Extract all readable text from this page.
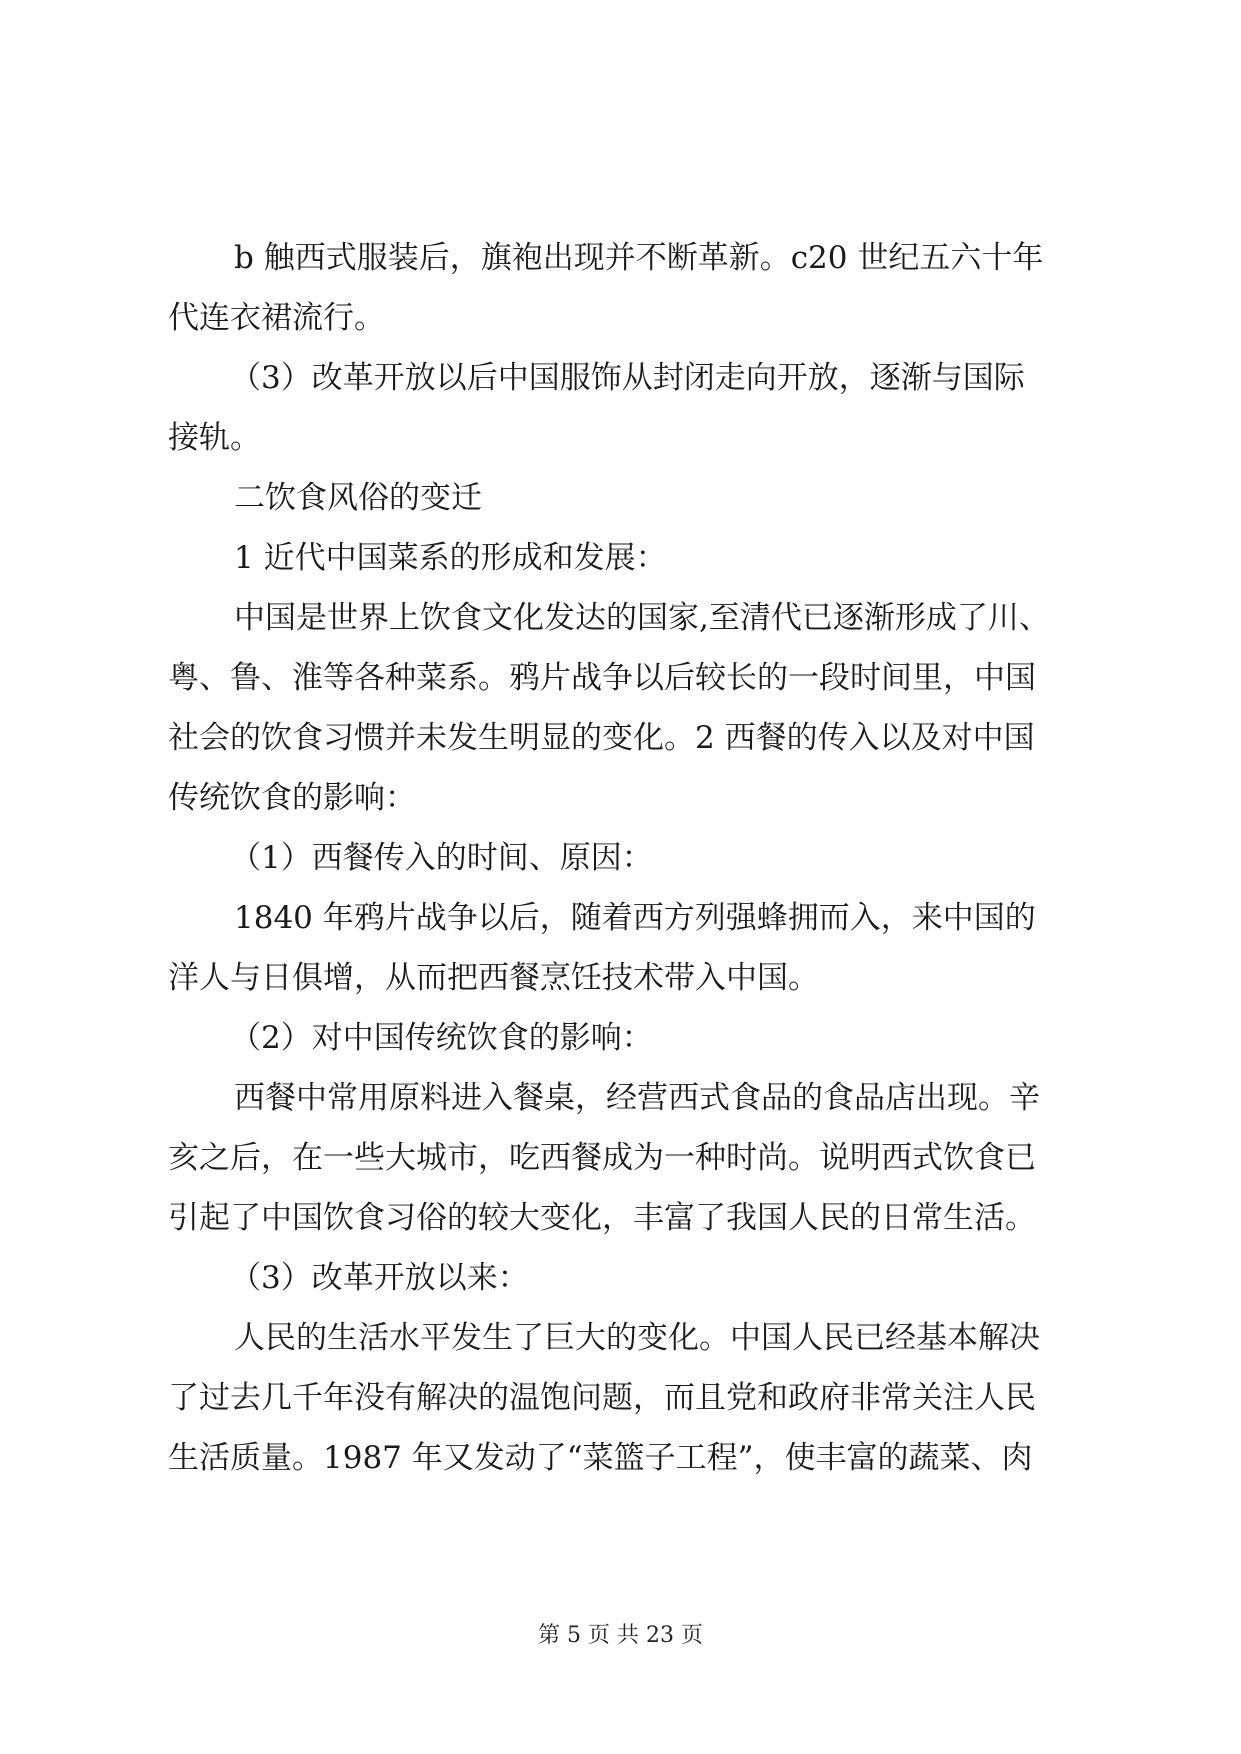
b 触西式服装后，旗袍出现并不断革新。c20 世纪五六十年
代连衣裙流行。
（3）改革开放以后中国服饰从封闭走向开放，逐渐与国际
接轨。
二饮食风俗的变迁
1 近代中国菜系的形成和发展：
中国是世界上饮食文化发达的国家,至清代已逐渐形成了川、
粤、鲁、淮等各种菜系。鸦片战争以后较长的一段时间里，中国
社会的饮食习惯并未发生明显的变化。2 西餐的传入以及对中国
传统饮食的影响：
（1）西餐传入的时间、原因：
1840 年鸦片战争以后，随着西方列强蜂拥而入，来中国的
洋人与日俱增，从而把西餐烹饪技术带入中国。
（2）对中国传统饮食的影响：
西餐中常用原料进入餐桌，经营西式食品的食品店出现。辛
亥之后，在一些大城市，吃西餐成为一种时尚。说明西式饮食已
引起了中国饮食习俗的较大变化，丰富了我国人民的日常生活。
（3）改革开放以来：
人民的生活水平发生了巨大的变化。中国人民已经基本解决
了过去几千年没有解决的温饱问题，而且党和政府非常关注人民
生活质量。1987 年又发动了“菜篮子工程”，使丰富的蔬菜、肉
第 5 页 共 23 页
